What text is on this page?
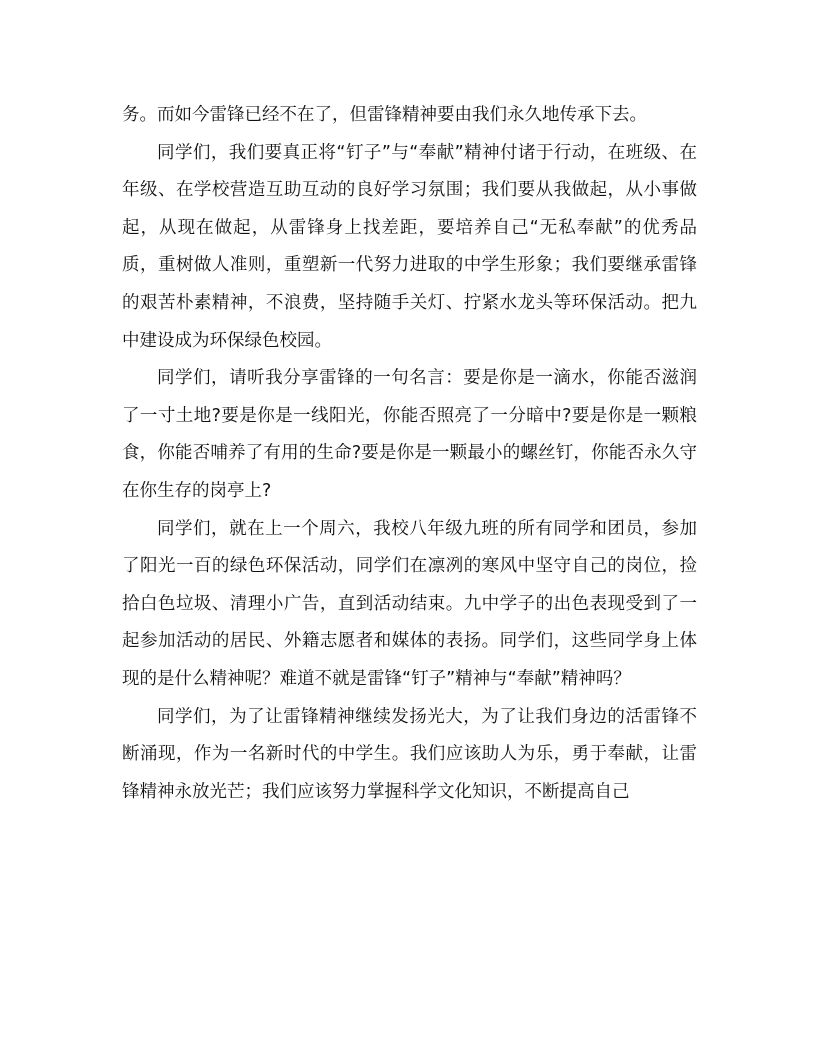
务。而如今雷锋已经不在了，但雷锋精神要由我们永久地传承下去。

同学们，我们要真正将“钉子”与“奉献”精神付诸于行动，在班级、在年级、在学校营造互助互动的良好学习氛围；我们要从我做起，从小事做起，从现在做起，从雷锋身上找差距，要培养自己“无私奉献”的优秀品质，重树做人准则，重塑新一代努力进取的中学生形象；我们要继承雷锋的艰苦朴素精神，不浪费，坚持随手关灯、拧紧水龙头等环保活动。把九中建设成为环保绿色校园。

同学们，请听我分享雷锋的一句名言：要是你是一滴水，你能否滋润了一寸土地?要是你是一线阳光，你能否照亮了一分暗中?要是你是一颗粮食，你能否哺养了有用的生命?要是你是一颗最小的螺丝钉，你能否永久守在你生存的岗亭上?

同学们，就在上一个周六，我校八年级九班的所有同学和团员，参加了阳光一百的绿色环保活动，同学们在凛冽的寒风中坚守自己的岗位，捡拾白色垃圾、清理小广告，直到活动结束。九中学子的出色表现受到了一起参加活动的居民、外籍志愿者和媒体的表扬。同学们，这些同学身上体现的是什么精神呢？难道不就是雷锋“钉子”精神与“奉献”精神吗？

同学们，为了让雷锋精神继续发扬光大，为了让我们身边的活雷锋不断涌现，作为一名新时代的中学生。我们应该助人为乐，勇于奉献，让雷锋精神永放光芒；我们应该努力掌握科学文化知识，不断提高自己
